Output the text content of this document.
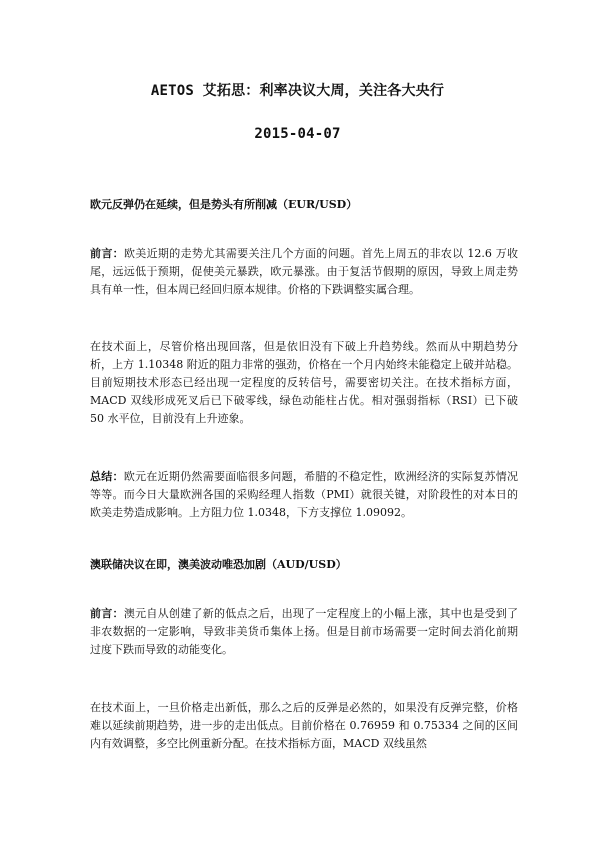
AETOS 艾拓思：利率决议大周，关注各大央行
2015-04-07
欧元反弹仍在延续，但是势头有所削减（EUR/USD）
前言：欧美近期的走势尤其需要关注几个方面的问题。首先上周五的非农以 12.6 万收尾，远远低于预期，促使美元暴跌，欧元暴涨。由于复活节假期的原因，导致上周走势具有单一性，但本周已经回归原本规律。价格的下跌调整实属合理。
在技术面上，尽管价格出现回落，但是依旧没有下破上升趋势线。然而从中期趋势分析，上方 1.10348 附近的阻力非常的强劲，价格在一个月内始终未能稳定上破并站稳。目前短期技术形态已经出现一定程度的反转信号，需要密切关注。在技术指标方面，MACD 双线形成死叉后已下破零线，绿色动能柱占优。相对强弱指标（RSI）已下破 50 水平位，目前没有上升迹象。
总结：欧元在近期仍然需要面临很多问题，希腊的不稳定性，欧洲经济的实际复苏情况等等。而今日大量欧洲各国的采购经理人指数（PMI）就很关键，对阶段性的对本日的欧美走势造成影响。上方阻力位 1.0348，下方支撑位 1.09092。
澳联储决议在即，澳美波动唯恐加剧（AUD/USD）
前言：澳元自从创建了新的低点之后，出现了一定程度上的小幅上涨，其中也是受到了非农数据的一定影响，导致非美货币集体上扬。但是目前市场需要一定时间去消化前期过度下跌而导致的动能变化。
在技术面上，一旦价格走出新低，那么之后的反弹是必然的，如果没有反弹完整，价格难以延续前期趋势，进一步的走出低点。目前价格在 0.76959 和 0.75334 之间的区间内有效调整，多空比例重新分配。在技术指标方面，MACD 双线虽然
